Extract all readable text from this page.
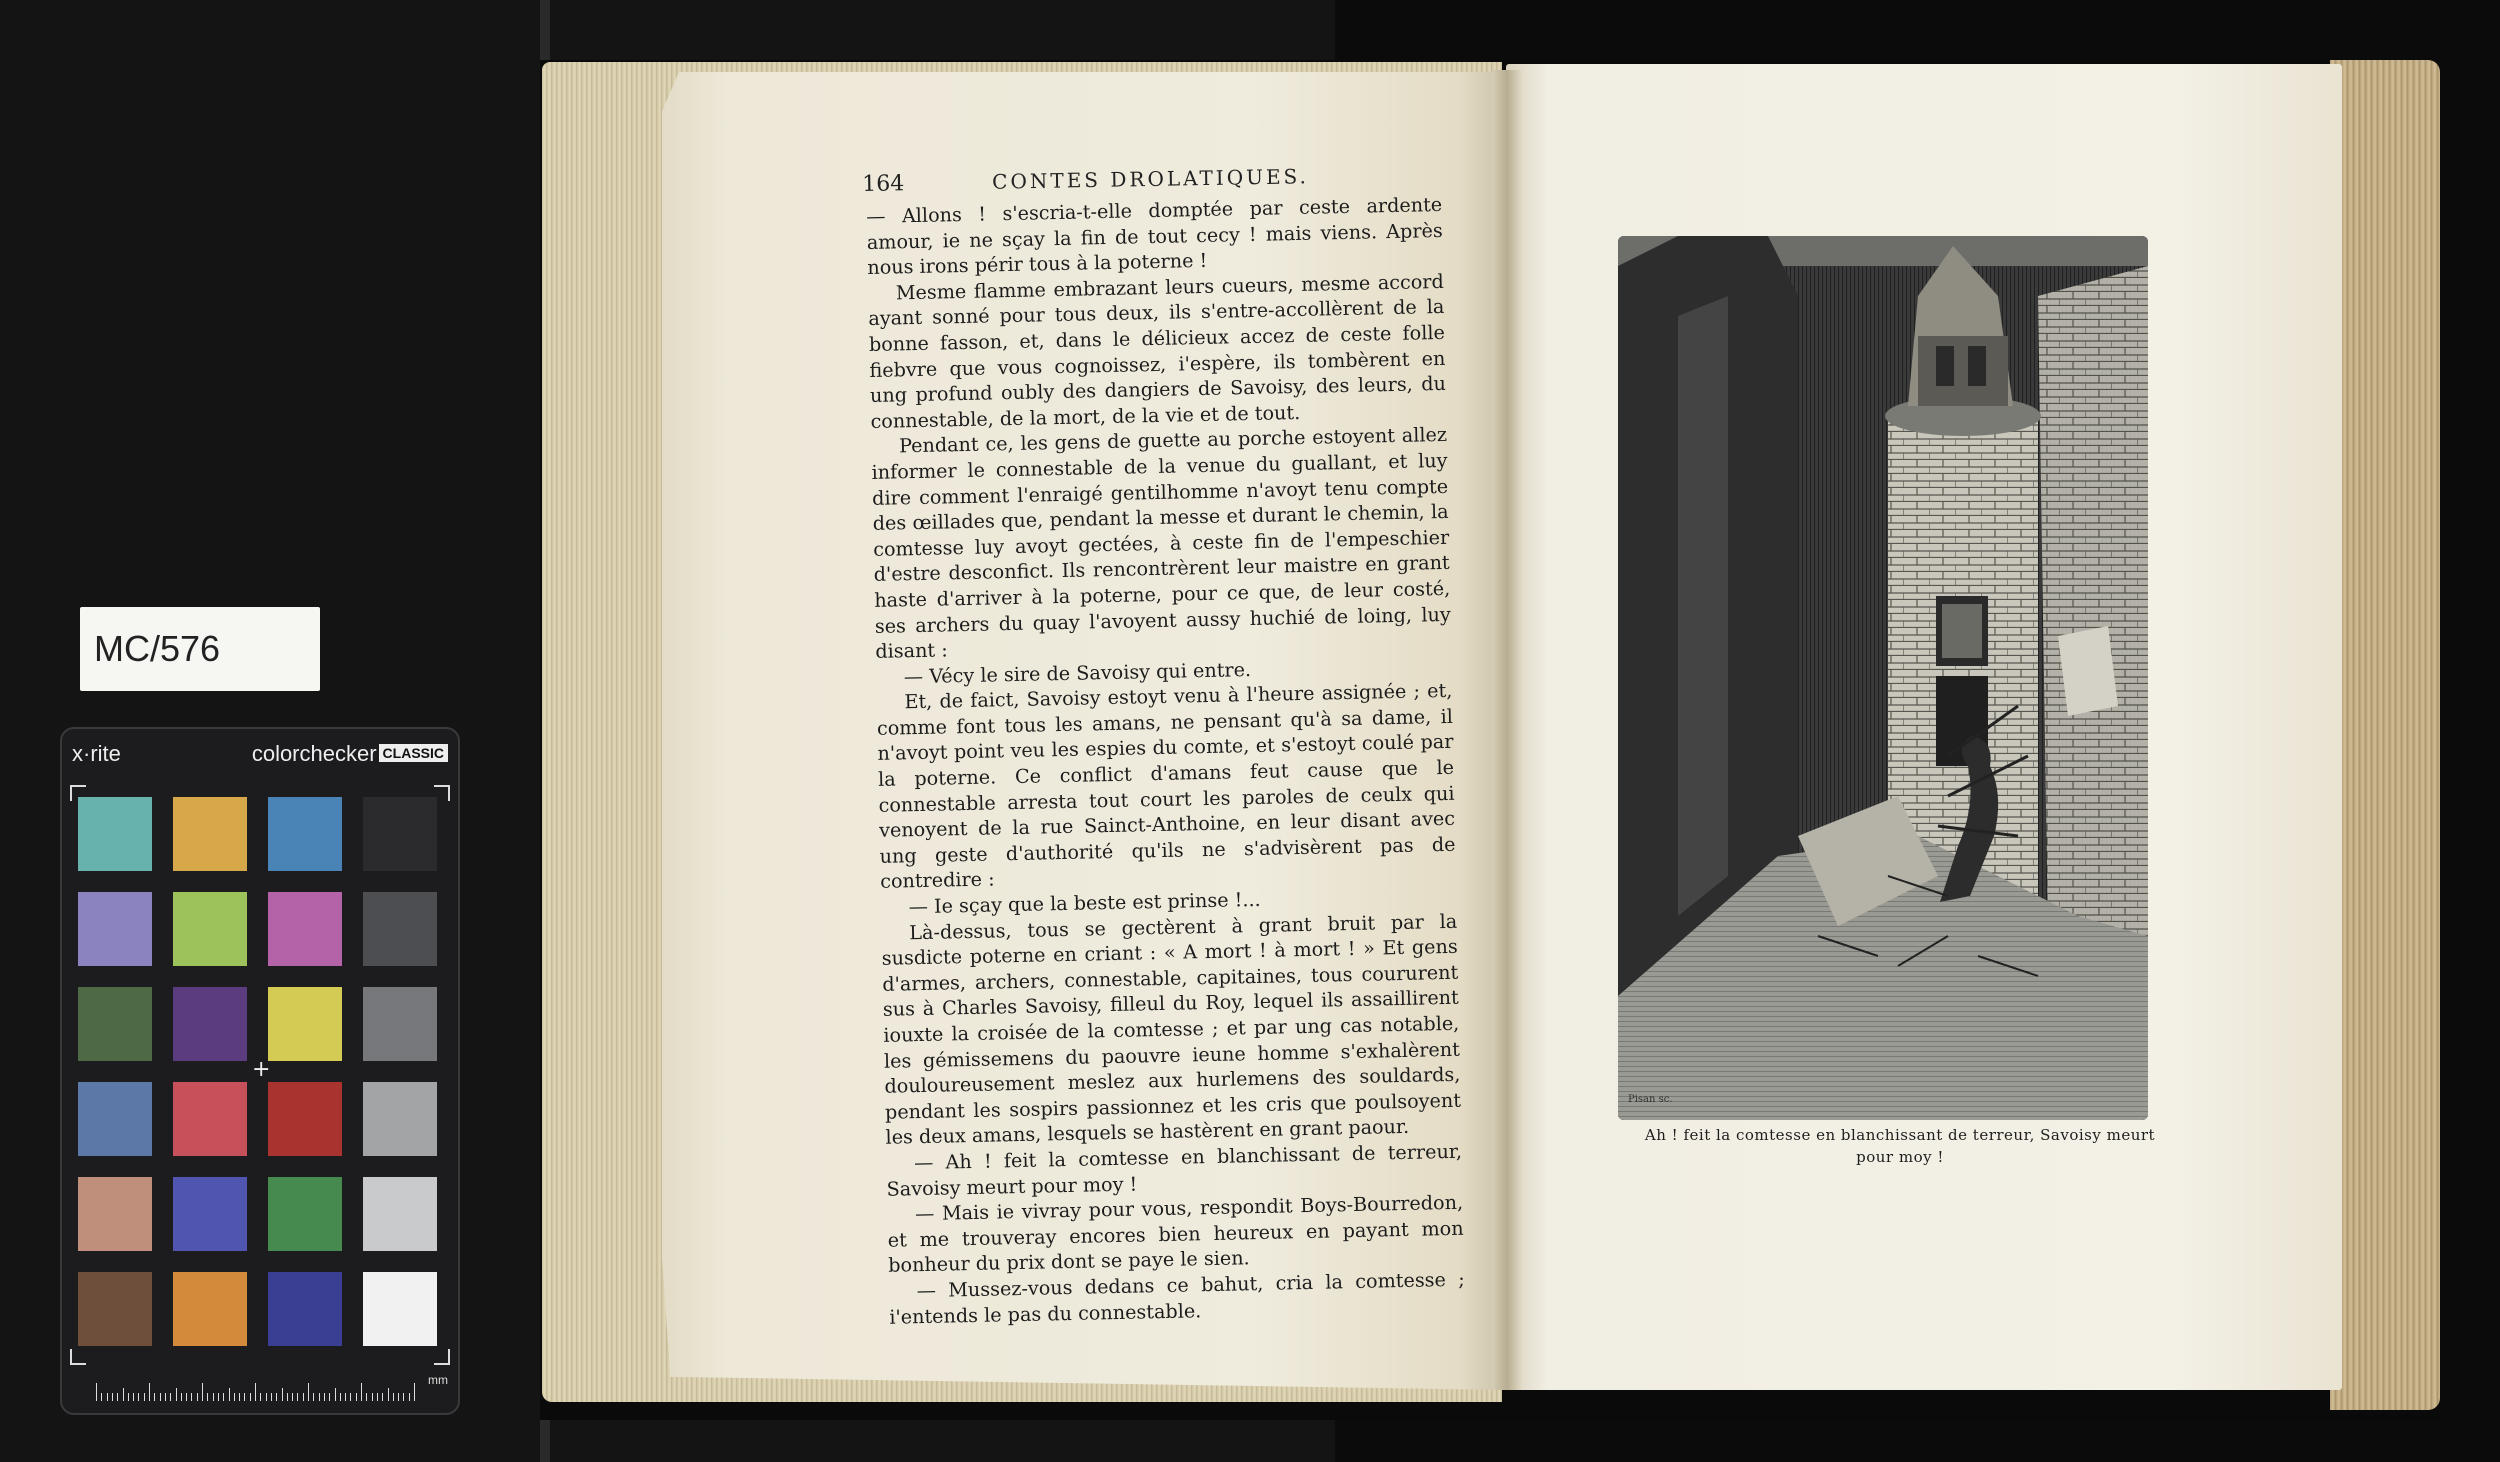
MC/576
x·rite	colorchecker CLASSIC
mm
+
164	CONTES DROLATIQUES.

— Allons ! s'escria-t-elle domptée par ceste ardente amour, ie ne sçay la fin de tout cecy ! mais viens. Après nous irons périr tous à la poterne !

Mesme flamme embrazant leurs cueurs, mesme accord ayant sonné pour tous deux, ils s'entre-accollèrent de la bonne fasson, et, dans le délicieux accez de ceste folle fiebvre que vous cognoissez, i'espère, ils tombèrent en ung profund oubly des dangiers de Savoisy, des leurs, du connestable, de la mort, de la vie et de tout.

Pendant ce, les gens de guette au porche estoyent allez informer le connestable de la venue du guallant, et luy dire comment l'enraigé gentilhomme n'avoyt tenu compte des œillades que, pendant la messe et durant le chemin, la comtesse luy avoyt gectées, à ceste fin de l'empeschier d'estre desconfict. Ils rencontrèrent leur maistre en grant haste d'arriver à la poterne, pour ce que, de leur costé, ses archers du quay l'avoyent aussy huchié de loing, luy disant :

— Vécy le sire de Savoisy qui entre.

Et, de faict, Savoisy estoyt venu à l'heure assignée ; et, comme font tous les amans, ne pensant qu'à sa dame, il n'avoyt point veu les espies du comte, et s'estoyt coulé par la poterne. Ce conflict d'amans feut cause que le connestable arresta tout court les paroles de ceulx qui venoyent de la rue Sainct-Anthoine, en leur disant avec ung geste d'authorité qu'ils ne s'advisèrent pas de contredire :

— Ie sçay que la beste est prinse !...

Là-dessus, tous se gectèrent à grant bruit par la susdicte poterne en criant : « A mort ! à mort ! » Et gens d'armes, archers, connestable, capitaines, tous coururent sus à Charles Savoisy, filleul du Roy, lequel ils assaillirent iouxte la croisée de la comtesse ; et par ung cas notable, les gémissemens du paouvre ieune homme s'exhalèrent douloureusement meslez aux hurlemens des souldards, pendant les sospirs passionnez et les cris que poulsoyent les deux amans, lesquels se hastèrent en grant paour.

— Ah ! feit la comtesse en blanchissant de terreur, Savoisy meurt pour moy !

— Mais ie vivray pour vous, respondit Boys-Bourredon, et me trouveray encores bien heureux en payant mon bonheur du prix dont se paye le sien.

— Mussez-vous dedans ce bahut, cria la comtesse ; i'entends le pas du connestable.

Pisan sc.
Ah ! feit la comtesse en blanchissant de terreur, Savoisy meurt
pour moy !
